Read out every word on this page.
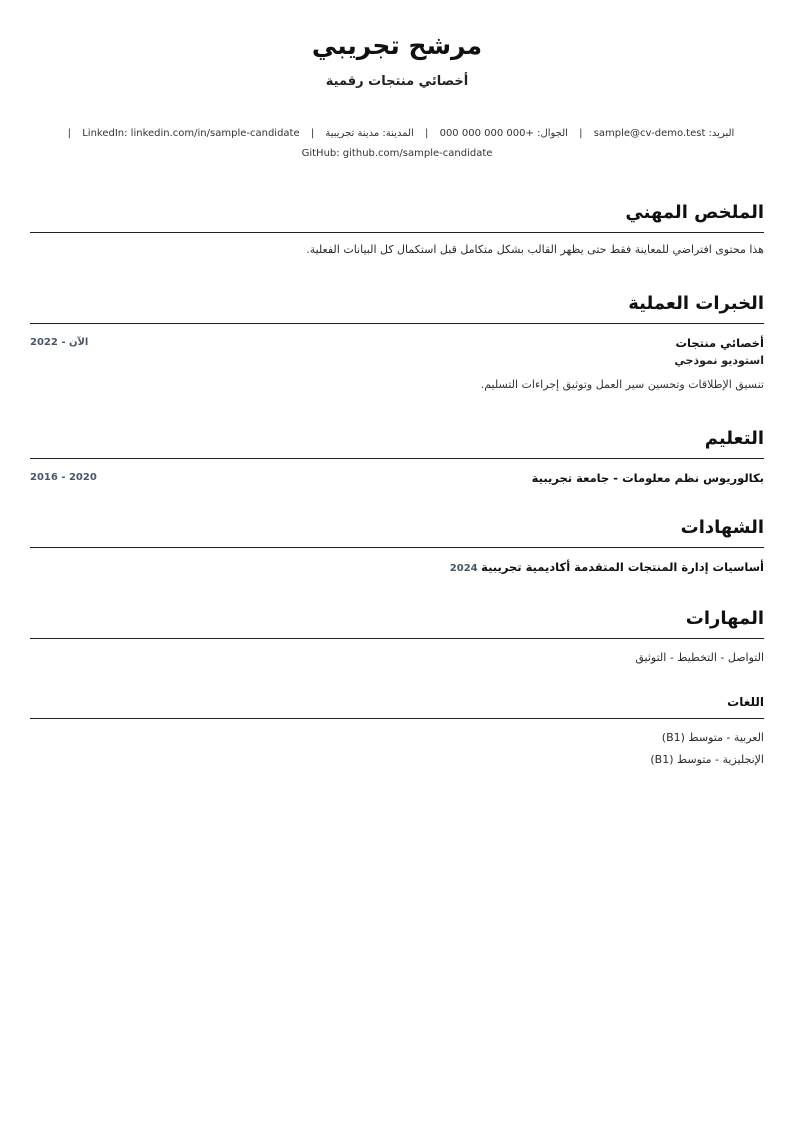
مرشح تجريبي
أخصائي منتجات رقمية
البريد: sample@cv-demo.test | الجوال: +000 000 000 000 | المدينة: مدينة تجريبية | LinkedIn: linkedin.com/in/sample-candidate |
GitHub: github.com/sample-candidate
الملخص المهني
هذا محتوى افتراضي للمعاينة فقط حتى يظهر القالب بشكل متكامل قبل استكمال كل البيانات الفعلية.
الخبرات العملية
أخصائي منتجات
استوديو نموذجي
2022 - الآن
تنسيق الإطلاقات وتحسين سير العمل وتوثيق إجراءات التسليم.
التعليم
بكالوريوس نظم معلومات - جامعة تجريبية
2016 - 2020
الشهادات
أساسيات إدارة المنتجات المتقدمة أكاديمية تجريبية 2024
المهارات
التواصل - التخطيط - التوثيق
اللغات
العربية - متوسط (B1)
الإنجليزية - متوسط (B1)
